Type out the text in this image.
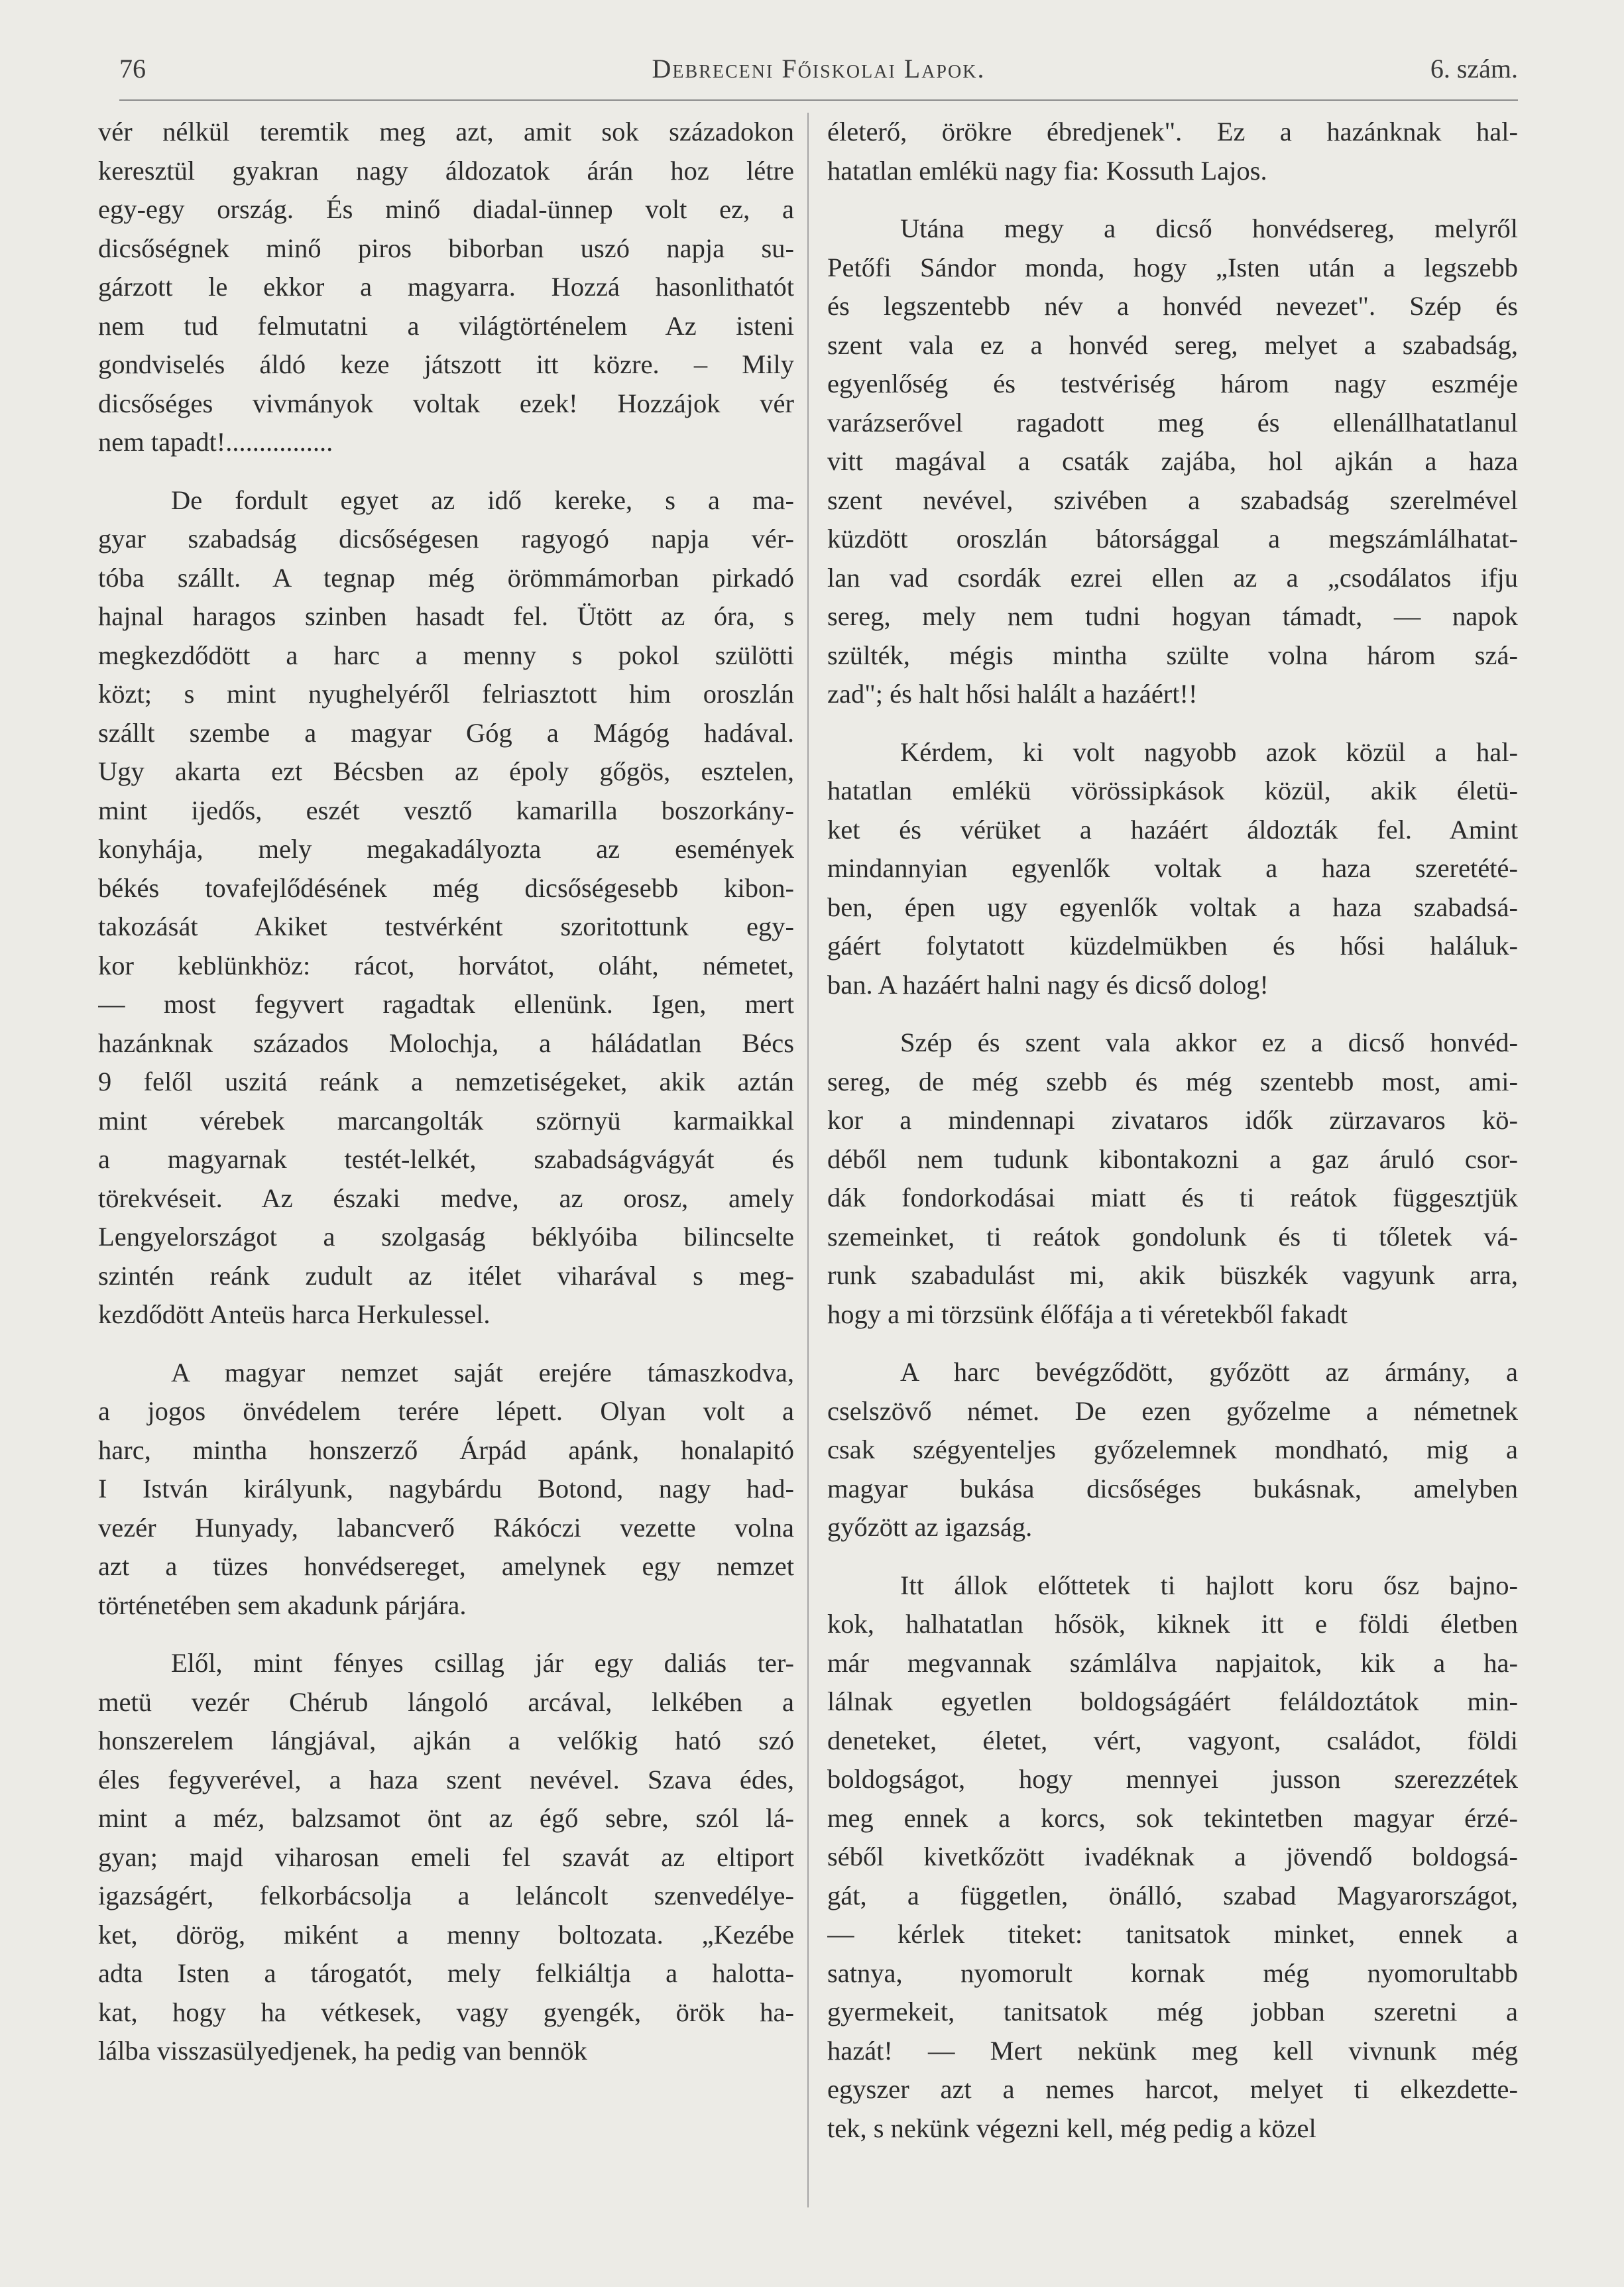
76	Debreceni Főiskolai Lapok.	6. szám.

vér nélkül teremtik meg azt, amit sok századokon
keresztül gyakran nagy áldozatok árán hoz létre
egy-egy ország. És minő diadal-ünnep volt ez, a
dicsőségnek minő piros biborban uszó napja su-
gárzott le ekkor a magyarra. Hozzá hasonlithatót
nem tud felmutatni a világtörténelem Az isteni
gondviselés áldó keze játszott itt közre. – Mily
dicsőséges vivmányok voltak ezek! Hozzájok vér
nem tapadt!................

De fordult egyet az idő kereke, s a ma-
gyar szabadság dicsőségesen ragyogó napja vér-
tóba szállt. A tegnap még örömmámorban pirkadó
hajnal haragos szinben hasadt fel. Ütött az óra, s
megkezdődött a harc a menny s pokol szülötti
közt; s mint nyughelyéről felriasztott him oroszlán
szállt szembe a magyar Góg a Mágóg hadával.
Ugy akarta ezt Bécsben az époly gőgös, esztelen,
mint ijedős, eszét vesztő kamarilla boszorkány-
konyhája, mely megakadályozta az események
békés tovafejlődésének még dicsőségesebb kibon-
takozását Akiket testvérként szoritottunk egy-
kor keblünkhöz: rácot, horvátot, oláht, németet,
— most fegyvert ragadtak ellenünk. Igen, mert
hazánknak százados Molochja, a háládatlan Bécs
9 felől uszitá reánk a nemzetiségeket, akik aztán
mint vérebek marcangolták szörnyü karmaikkal
a magyarnak testét-lelkét, szabadságvágyát és
törekvéseit. Az északi medve, az orosz, amely
Lengyelországot a szolgaság béklyóiba bilincselte
szintén reánk zudult az itélet viharával s meg-
kezdődött Anteüs harca Herkulessel.

A magyar nemzet saját erejére támaszkodva,
a jogos önvédelem terére lépett. Olyan volt a
harc, mintha honszerző Árpád apánk, honalapitó
I István királyunk, nagybárdu Botond, nagy had-
vezér Hunyady, labancverő Rákóczi vezette volna
azt a tüzes honvédsereget, amelynek egy nemzet
történetében sem akadunk párjára.

Elől, mint fényes csillag jár egy daliás ter-
metü vezér Chérub lángoló arcával, lelkében a
honszerelem lángjával, ajkán a velőkig ható szó
éles fegyverével, a haza szent nevével. Szava édes,
mint a méz, balzsamot önt az égő sebre, szól lá-
gyan; majd viharosan emeli fel szavát az eltiport
igazságért, felkorbácsolja a leláncolt szenvedélye-
ket, dörög, miként a menny boltozata. „Kezébe
adta Isten a tárogatót, mely felkiáltja a halotta-
kat, hogy ha vétkesek, vagy gyengék, örök ha-
lálba visszasülyedjenek, ha pedig van bennök

életerő, örökre ébredjenek". Ez a hazánknak hal-
hatatlan emlékü nagy fia: Kossuth Lajos.

Utána megy a dicső honvédsereg, melyről
Petőfi Sándor monda, hogy „Isten után a legszebb
és legszentebb név a honvéd nevezet". Szép és
szent vala ez a honvéd sereg, melyet a szabadság,
egyenlőség és testvériség három nagy eszméje
varázserővel ragadott meg és ellenállhatatlanul
vitt magával a csaták zajába, hol ajkán a haza
szent nevével, szivében a szabadság szerelmével
küzdött oroszlán bátorsággal a megszámlálhatat-
lan vad csordák ezrei ellen az a „csodálatos ifju
sereg, mely nem tudni hogyan támadt, — napok
szülték, mégis mintha szülte volna három szá-
zad"; és halt hősi halált a hazáért!!

Kérdem, ki volt nagyobb azok közül a hal-
hatatlan emlékü vörössipkások közül, akik életü-
ket és vérüket a hazáért áldozták fel. Amint
mindannyian egyenlők voltak a haza szeretété-
ben, épen ugy egyenlők voltak a haza szabadsá-
gáért folytatott küzdelmükben és hősi haláluk-
ban. A hazáért halni nagy és dicső dolog!

Szép és szent vala akkor ez a dicső honvéd-
sereg, de még szebb és még szentebb most, ami-
kor a mindennapi zivataros idők zürzavaros kö-
déből nem tudunk kibontakozni a gaz áruló csor-
dák fondorkodásai miatt és ti reátok függesztjük
szemeinket, ti reátok gondolunk és ti tőletek vá-
runk szabadulást mi, akik büszkék vagyunk arra,
hogy a mi törzsünk élőfája a ti véretekből fakadt

A harc bevégződött, győzött az ármány, a
cselszövő német. De ezen győzelme a németnek
csak szégyenteljes győzelemnek mondható, mig a
magyar bukása dicsőséges bukásnak, amelyben
győzött az igazság.

Itt állok előttetek ti hajlott koru ősz bajno-
kok, halhatatlan hősök, kiknek itt e földi életben
már megvannak számlálva napjaitok, kik a ha-
lálnak egyetlen boldogságáért feláldoztátok min-
deneteket, életet, vért, vagyont, családot, földi
boldogságot, hogy mennyei jusson szerezzétek
meg ennek a korcs, sok tekintetben magyar érzé-
séből kivetkőzött ivadéknak a jövendő boldogsá-
gát, a független, önálló, szabad Magyarországot,
— kérlek titeket: tanitsatok minket, ennek a
satnya, nyomorult kornak még nyomorultabb
gyermekeit, tanitsatok még jobban szeretni a
hazát! — Mert nekünk meg kell vivnunk még
egyszer azt a nemes harcot, melyet ti elkezdette-
tek, s nekünk végezni kell, még pedig a közel
